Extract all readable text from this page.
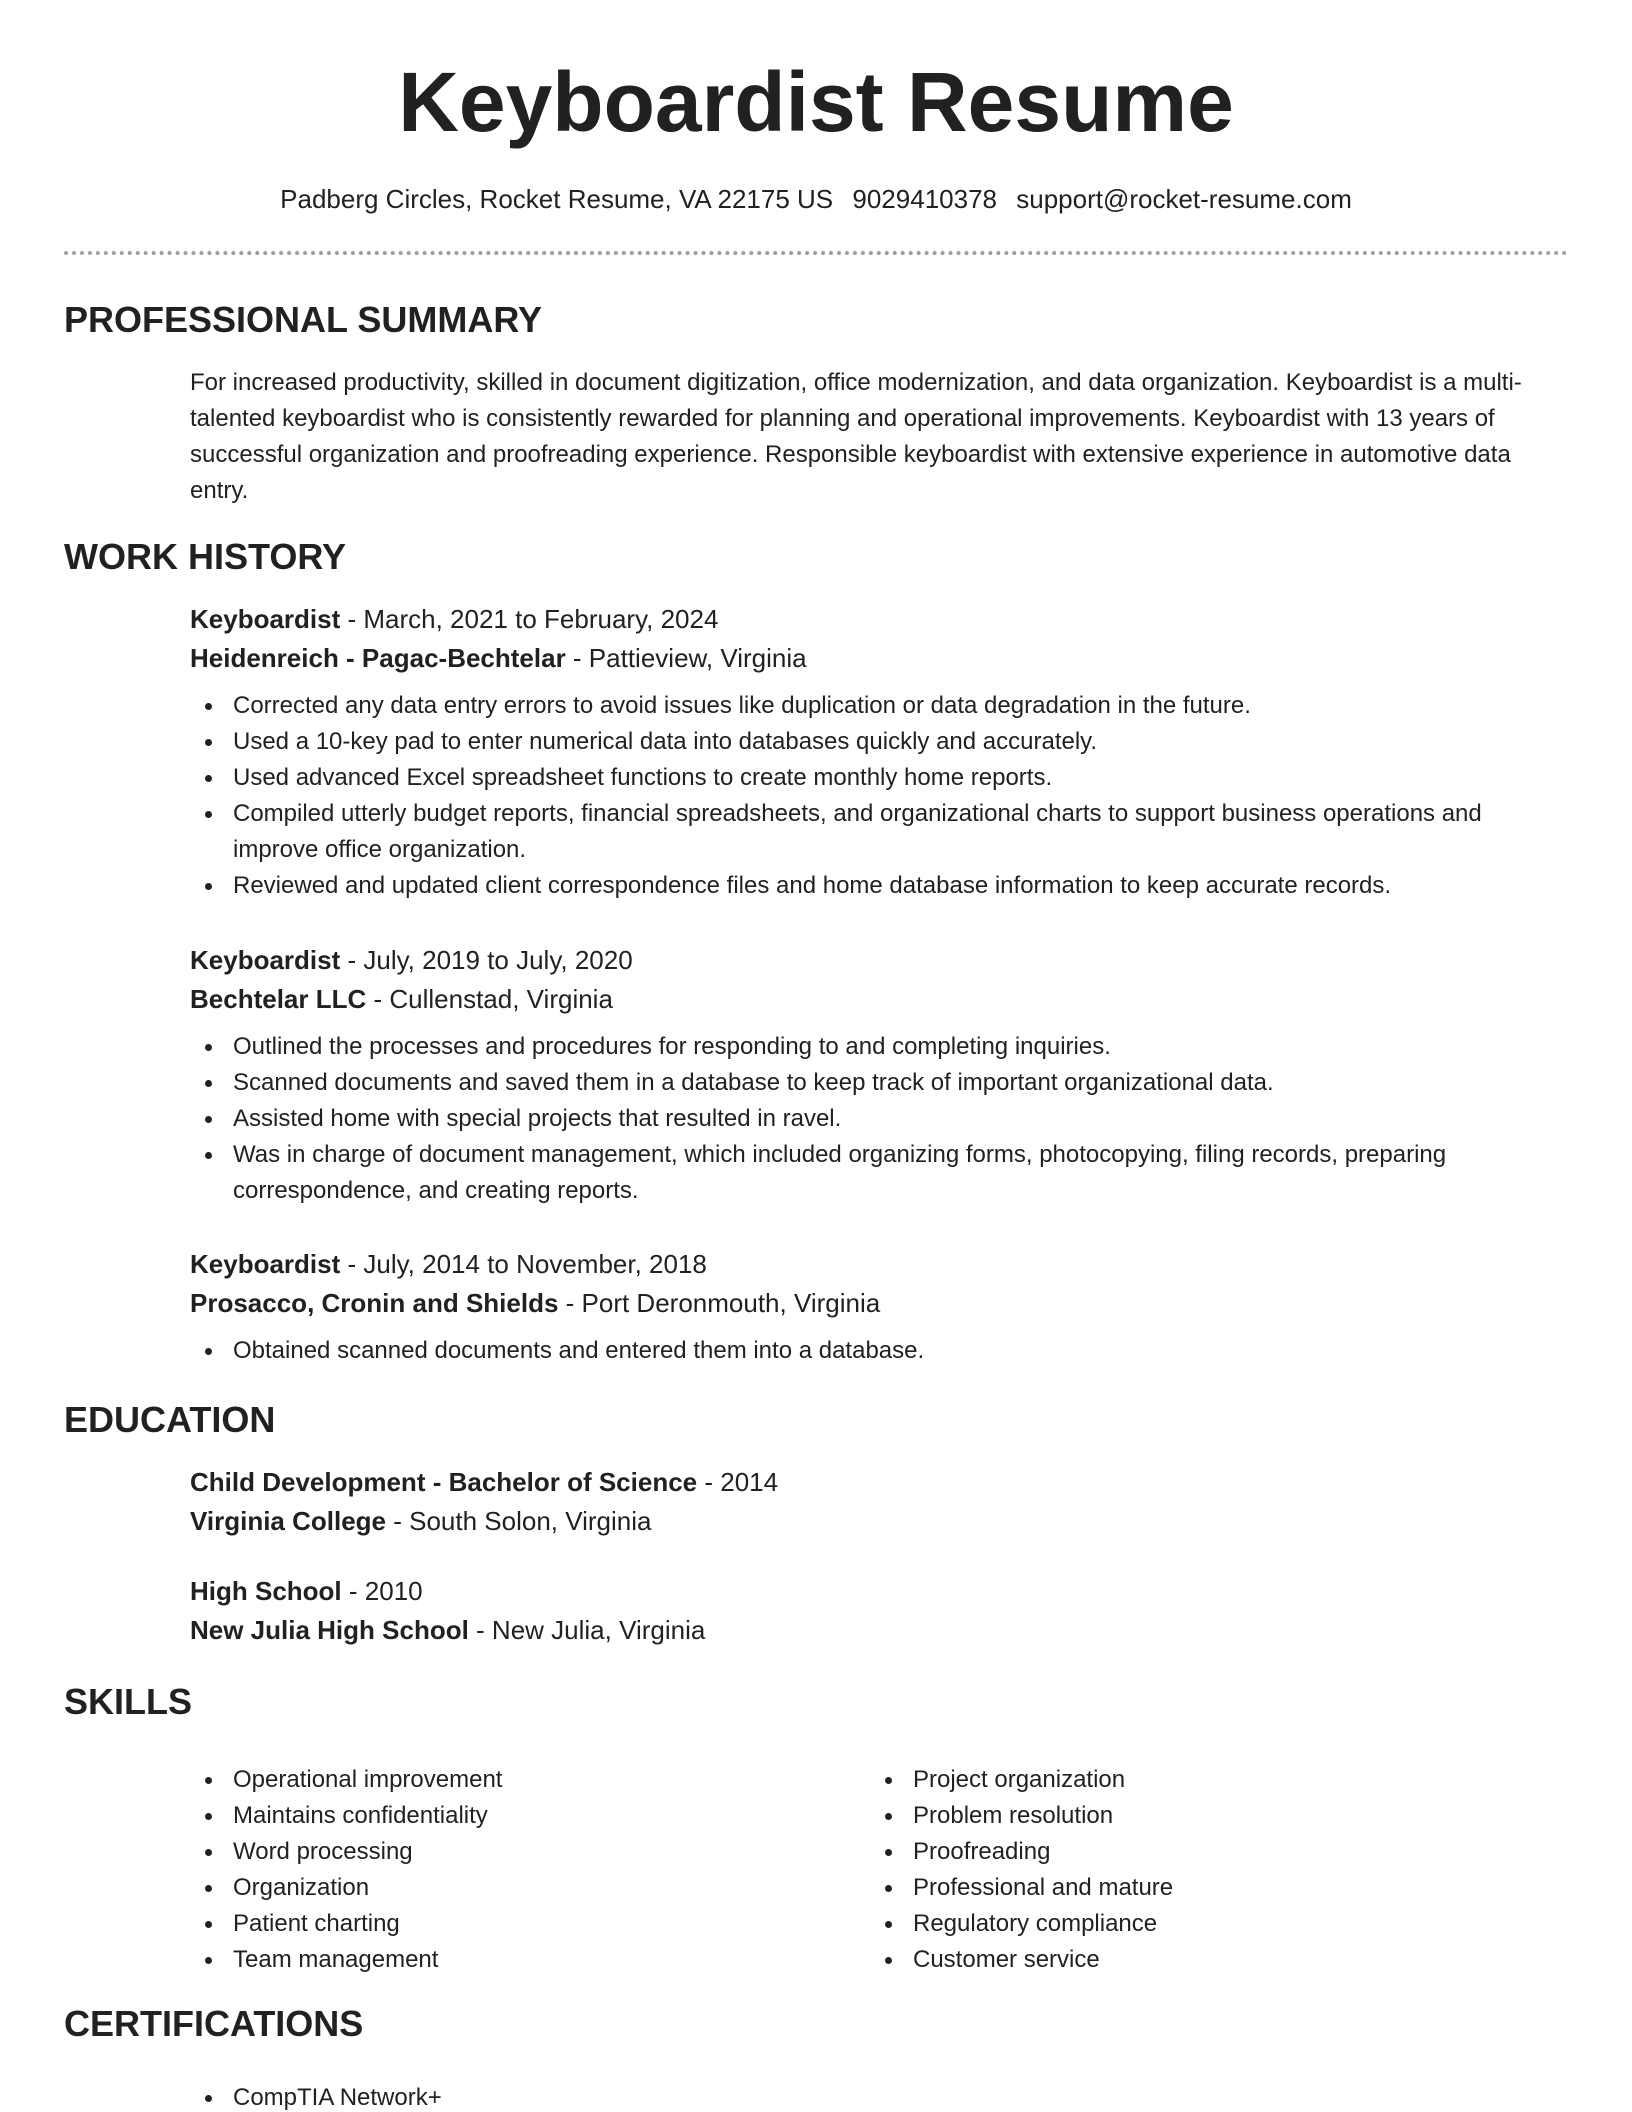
Keyboardist Resume
Padberg Circles, Rocket Resume, VA 22175 US 9029410378 support@rocket-resume.com
PROFESSIONAL SUMMARY

For increased productivity, skilled in document digitization, office modernization, and data organization. Keyboardist is a multi-talented keyboardist who is consistently rewarded for planning and operational improvements. Keyboardist with 13 years of successful organization and proofreading experience. Responsible keyboardist with extensive experience in automotive data entry.

WORK HISTORY
Keyboardist - March, 2021 to February, 2024
Heidenreich - Pagac-Bechtelar - Pattieview, Virginia
Corrected any data entry errors to avoid issues like duplication or data degradation in the future.
Used a 10-key pad to enter numerical data into databases quickly and accurately.
Used advanced Excel spreadsheet functions to create monthly home reports.
Compiled utterly budget reports, financial spreadsheets, and organizational charts to support business operations and improve office organization.
Reviewed and updated client correspondence files and home database information to keep accurate records.
Keyboardist - July, 2019 to July, 2020
Bechtelar LLC - Cullenstad, Virginia
Outlined the processes and procedures for responding to and completing inquiries.
Scanned documents and saved them in a database to keep track of important organizational data.
Assisted home with special projects that resulted in ravel.
Was in charge of document management, which included organizing forms, photocopying, filing records, preparing correspondence, and creating reports.
Keyboardist - July, 2014 to November, 2018
Prosacco, Cronin and Shields - Port Deronmouth, Virginia
Obtained scanned documents and entered them into a database.
EDUCATION
Child Development - Bachelor of Science - 2014
Virginia College - South Solon, Virginia
High School - 2010
New Julia High School - New Julia, Virginia
SKILLS
Operational improvement
Maintains confidentiality
Word processing
Organization
Patient charting
Team management
Project organization
Problem resolution
Proofreading
Professional and mature
Regulatory compliance
Customer service
CERTIFICATIONS
CompTIA Network+
